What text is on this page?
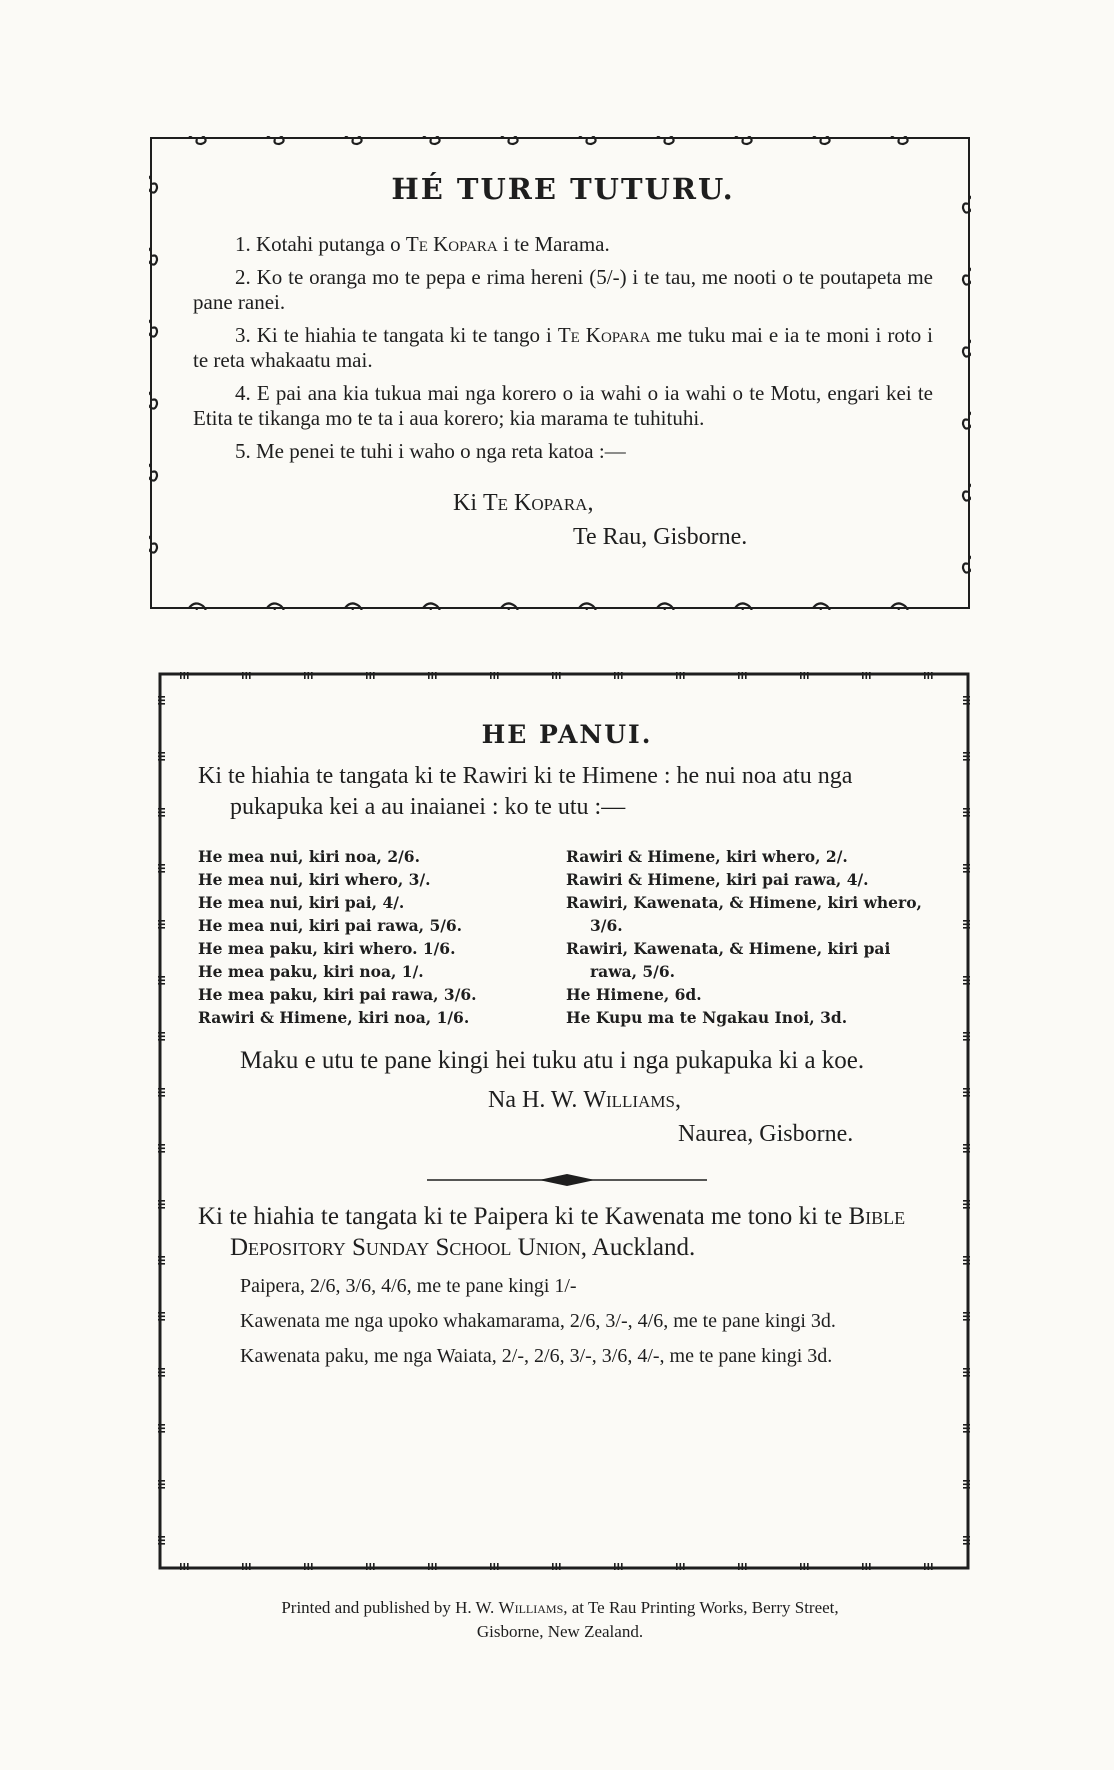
HÉ TURE TUTURU.

1. Kotahi putanga o Te Kopara i te Marama.

2. Ko te oranga mo te pepa e rima hereni (5/-) i te tau, me nooti o te poutapeta me pane ranei.

3. Ki te hiahia te tangata ki te tango i Te Kopara me tuku mai e ia te moni i roto i te reta whakaatu mai.

4. E pai ana kia tukua mai nga korero o ia wahi o ia wahi o te Motu, engari kei te Etita te tikanga mo te ta i aua korero; kia marama te tuhituhi.

5. Me penei te tuhi i waho o nga reta katoa :—

Ki Te Kopara,
Te Rau, Gisborne.
HE PANUI.

Ki te hiahia te tangata ki te Rawiri ki te Himene : he nui noa atu nga pukapuka kei a au inaianei : ko te utu :—

He mea nui, kiri noa, 2/6.
He mea nui, kiri whero, 3/.
He mea nui, kiri pai, 4/.
He mea nui, kiri pai rawa, 5/6.
He mea paku, kiri whero. 1/6.
He mea paku, kiri noa, 1/.
He mea paku, kiri pai rawa, 3/6.
Rawiri & Himene, kiri noa, 1/6.
Rawiri & Himene, kiri whero, 2/.
Rawiri & Himene, kiri pai rawa, 4/.
Rawiri, Kawenata, & Himene, kiri whero, 3/6.
Rawiri, Kawenata, & Himene, kiri pai rawa, 5/6.
He Himene, 6d.
He Kupu ma te Ngakau Inoi, 3d.

Maku e utu te pane kingi hei tuku atu i nga pukapuka ki a koe.

Na H. W. Williams,
Naurea, Gisborne.

Ki te hiahia te tangata ki te Paipera ki te Kawenata me tono ki te Bible Depository Sunday School Union, Auckland.

Paipera, 2/6, 3/6, 4/6, me te pane kingi 1/-

Kawenata me nga upoko whakamarama, 2/6, 3/-, 4/6, me te pane kingi 3d.

Kawenata paku, me nga Waiata, 2/-, 2/6, 3/-, 3/6, 4/-, me te pane kingi 3d.

Printed and published by H. W. Williams, at Te Rau Printing Works, Berry Street,
Gisborne, New Zealand.
